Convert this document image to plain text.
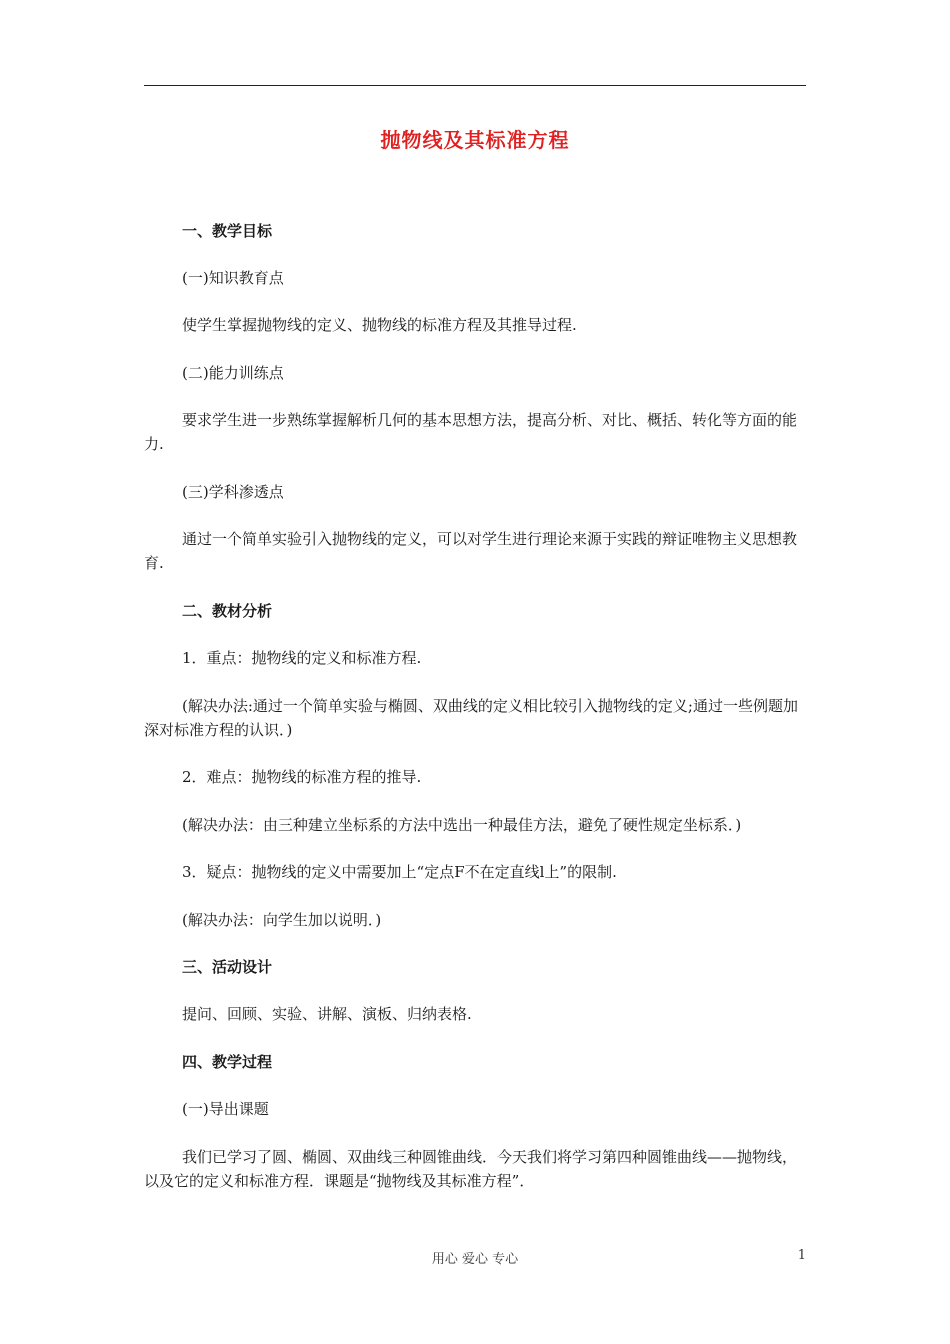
抛物线及其标准方程

一、教学目标

(一)知识教育点

使学生掌握抛物线的定义、抛物线的标准方程及其推导过程.

(二)能力训练点

要求学生进一步熟练掌握解析几何的基本思想方法，提高分析、对比、概括、转化等方面的能力.

(三)学科渗透点

通过一个简单实验引入抛物线的定义，可以对学生进行理论来源于实践的辩证唯物主义思想教育.

二、教材分析

1．重点：抛物线的定义和标准方程.

(解决办法:通过一个简单实验与椭圆、双曲线的定义相比较引入抛物线的定义;通过一些例题加深对标准方程的认识．)

2．难点：抛物线的标准方程的推导.

(解决办法：由三种建立坐标系的方法中选出一种最佳方法，避免了硬性规定坐标系．)

3．疑点：抛物线的定义中需要加上“定点F不在定直线l上”的限制.

(解决办法：向学生加以说明．)

三、活动设计

提问、回顾、实验、讲解、演板、归纳表格.

四、教学过程

(一)导出课题

我们已学习了圆、椭圆、双曲线三种圆锥曲线．今天我们将学习第四种圆锥曲线——抛物线，以及它的定义和标准方程．课题是“抛物线及其标准方程”．

用心 爱心 专心	1
